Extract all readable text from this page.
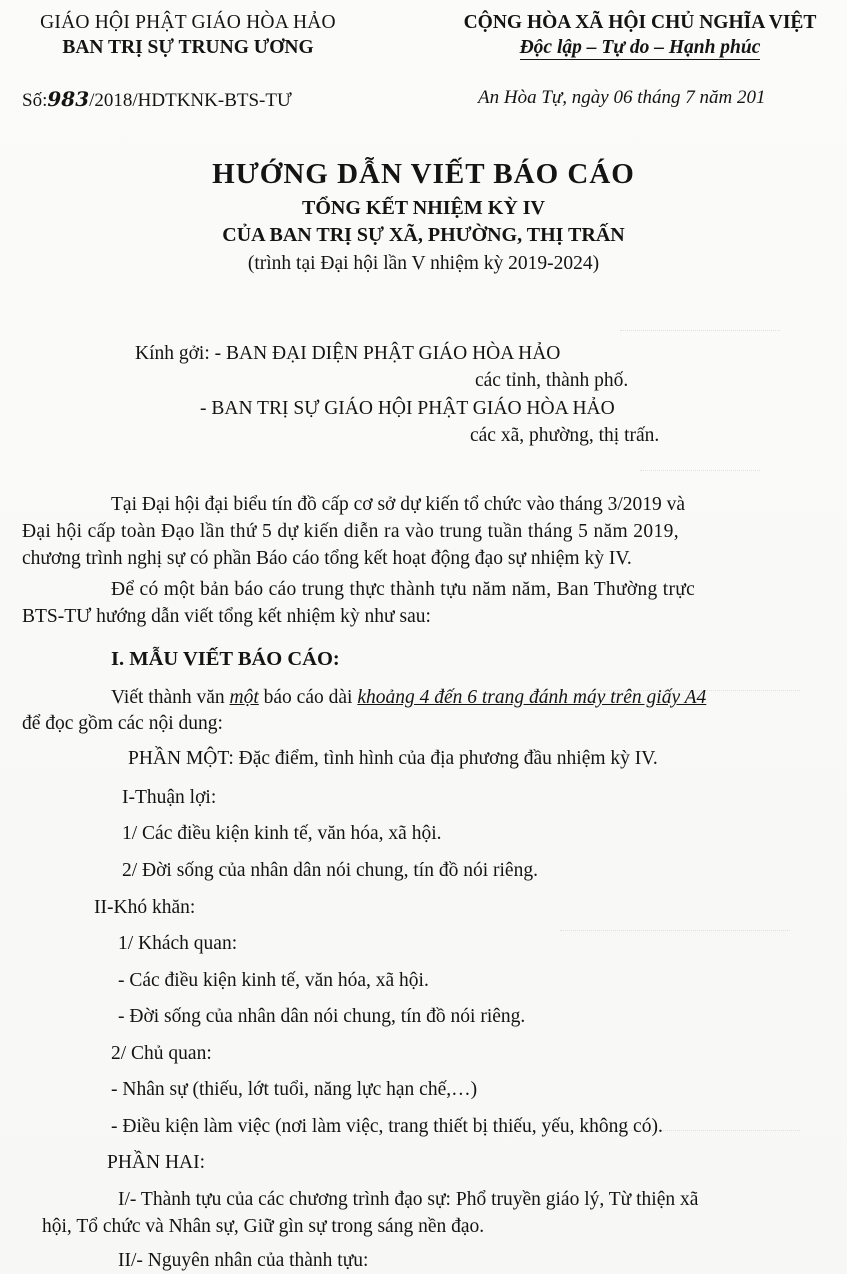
GIÁO HỘI PHẬT GIÁO HÒA HẢO
BAN TRỊ SỰ TRUNG ƯƠNG
CỘNG HÒA XÃ HỘI CHỦ NGHĨA VIỆT
Độc lập – Tự do – Hạnh phúc
Số:983/2018/HDTKNK-BTS-TƯ	An Hòa Tự, ngày 06 tháng 7 năm 201
HƯỚNG DẪN VIẾT BÁO CÁO
TỔNG KẾT NHIỆM KỲ IV
CỦA BAN TRỊ SỰ XÃ, PHƯỜNG, THỊ TRẤN
(trình tại Đại hội lần V nhiệm kỳ 2019-2024)
Kính gởi: - BAN ĐẠI DIỆN PHẬT GIÁO HÒA HẢO
các tỉnh, thành phố.
- BAN TRỊ SỰ GIÁO HỘI PHẬT GIÁO HÒA HẢO
các xã, phường, thị trấn.
Tại Đại hội đại biểu tín đồ cấp cơ sở dự kiến tổ chức vào tháng 3/2019 và
Đại hội cấp toàn Đạo lần thứ 5 dự kiến diễn ra vào trung tuần tháng 5 năm 2019,
chương trình nghị sự có phần Báo cáo tổng kết hoạt động đạo sự nhiệm kỳ IV.
Để có một bản báo cáo trung thực thành tựu năm năm, Ban Thường trực
BTS-TƯ hướng dẫn viết tổng kết nhiệm kỳ như sau:
I. MẪU VIẾT BÁO CÁO:
Viết thành văn một báo cáo dài khoảng 4 đến 6 trang đánh máy trên giấy A4
để đọc gồm các nội dung:
PHẦN MỘT: Đặc điểm, tình hình của địa phương đầu nhiệm kỳ IV.
I-Thuận lợi:
1/ Các điều kiện kinh tế, văn hóa, xã hội.
2/ Đời sống của nhân dân nói chung, tín đồ nói riêng.
II-Khó khăn:
1/ Khách quan:
- Các điều kiện kinh tế, văn hóa, xã hội.
- Đời sống của nhân dân nói chung, tín đồ nói riêng.
2/ Chủ quan:
- Nhân sự (thiếu, lớt tuổi, năng lực hạn chế,…)
- Điều kiện làm việc (nơi làm việc, trang thiết bị thiếu, yếu, không có).
PHẦN HAI:
I/- Thành tựu của các chương trình đạo sự: Phổ truyền giáo lý, Từ thiện xã
hội, Tổ chức và Nhân sự, Giữ gìn sự trong sáng nền đạo.
II/- Nguyên nhân của thành tựu:
